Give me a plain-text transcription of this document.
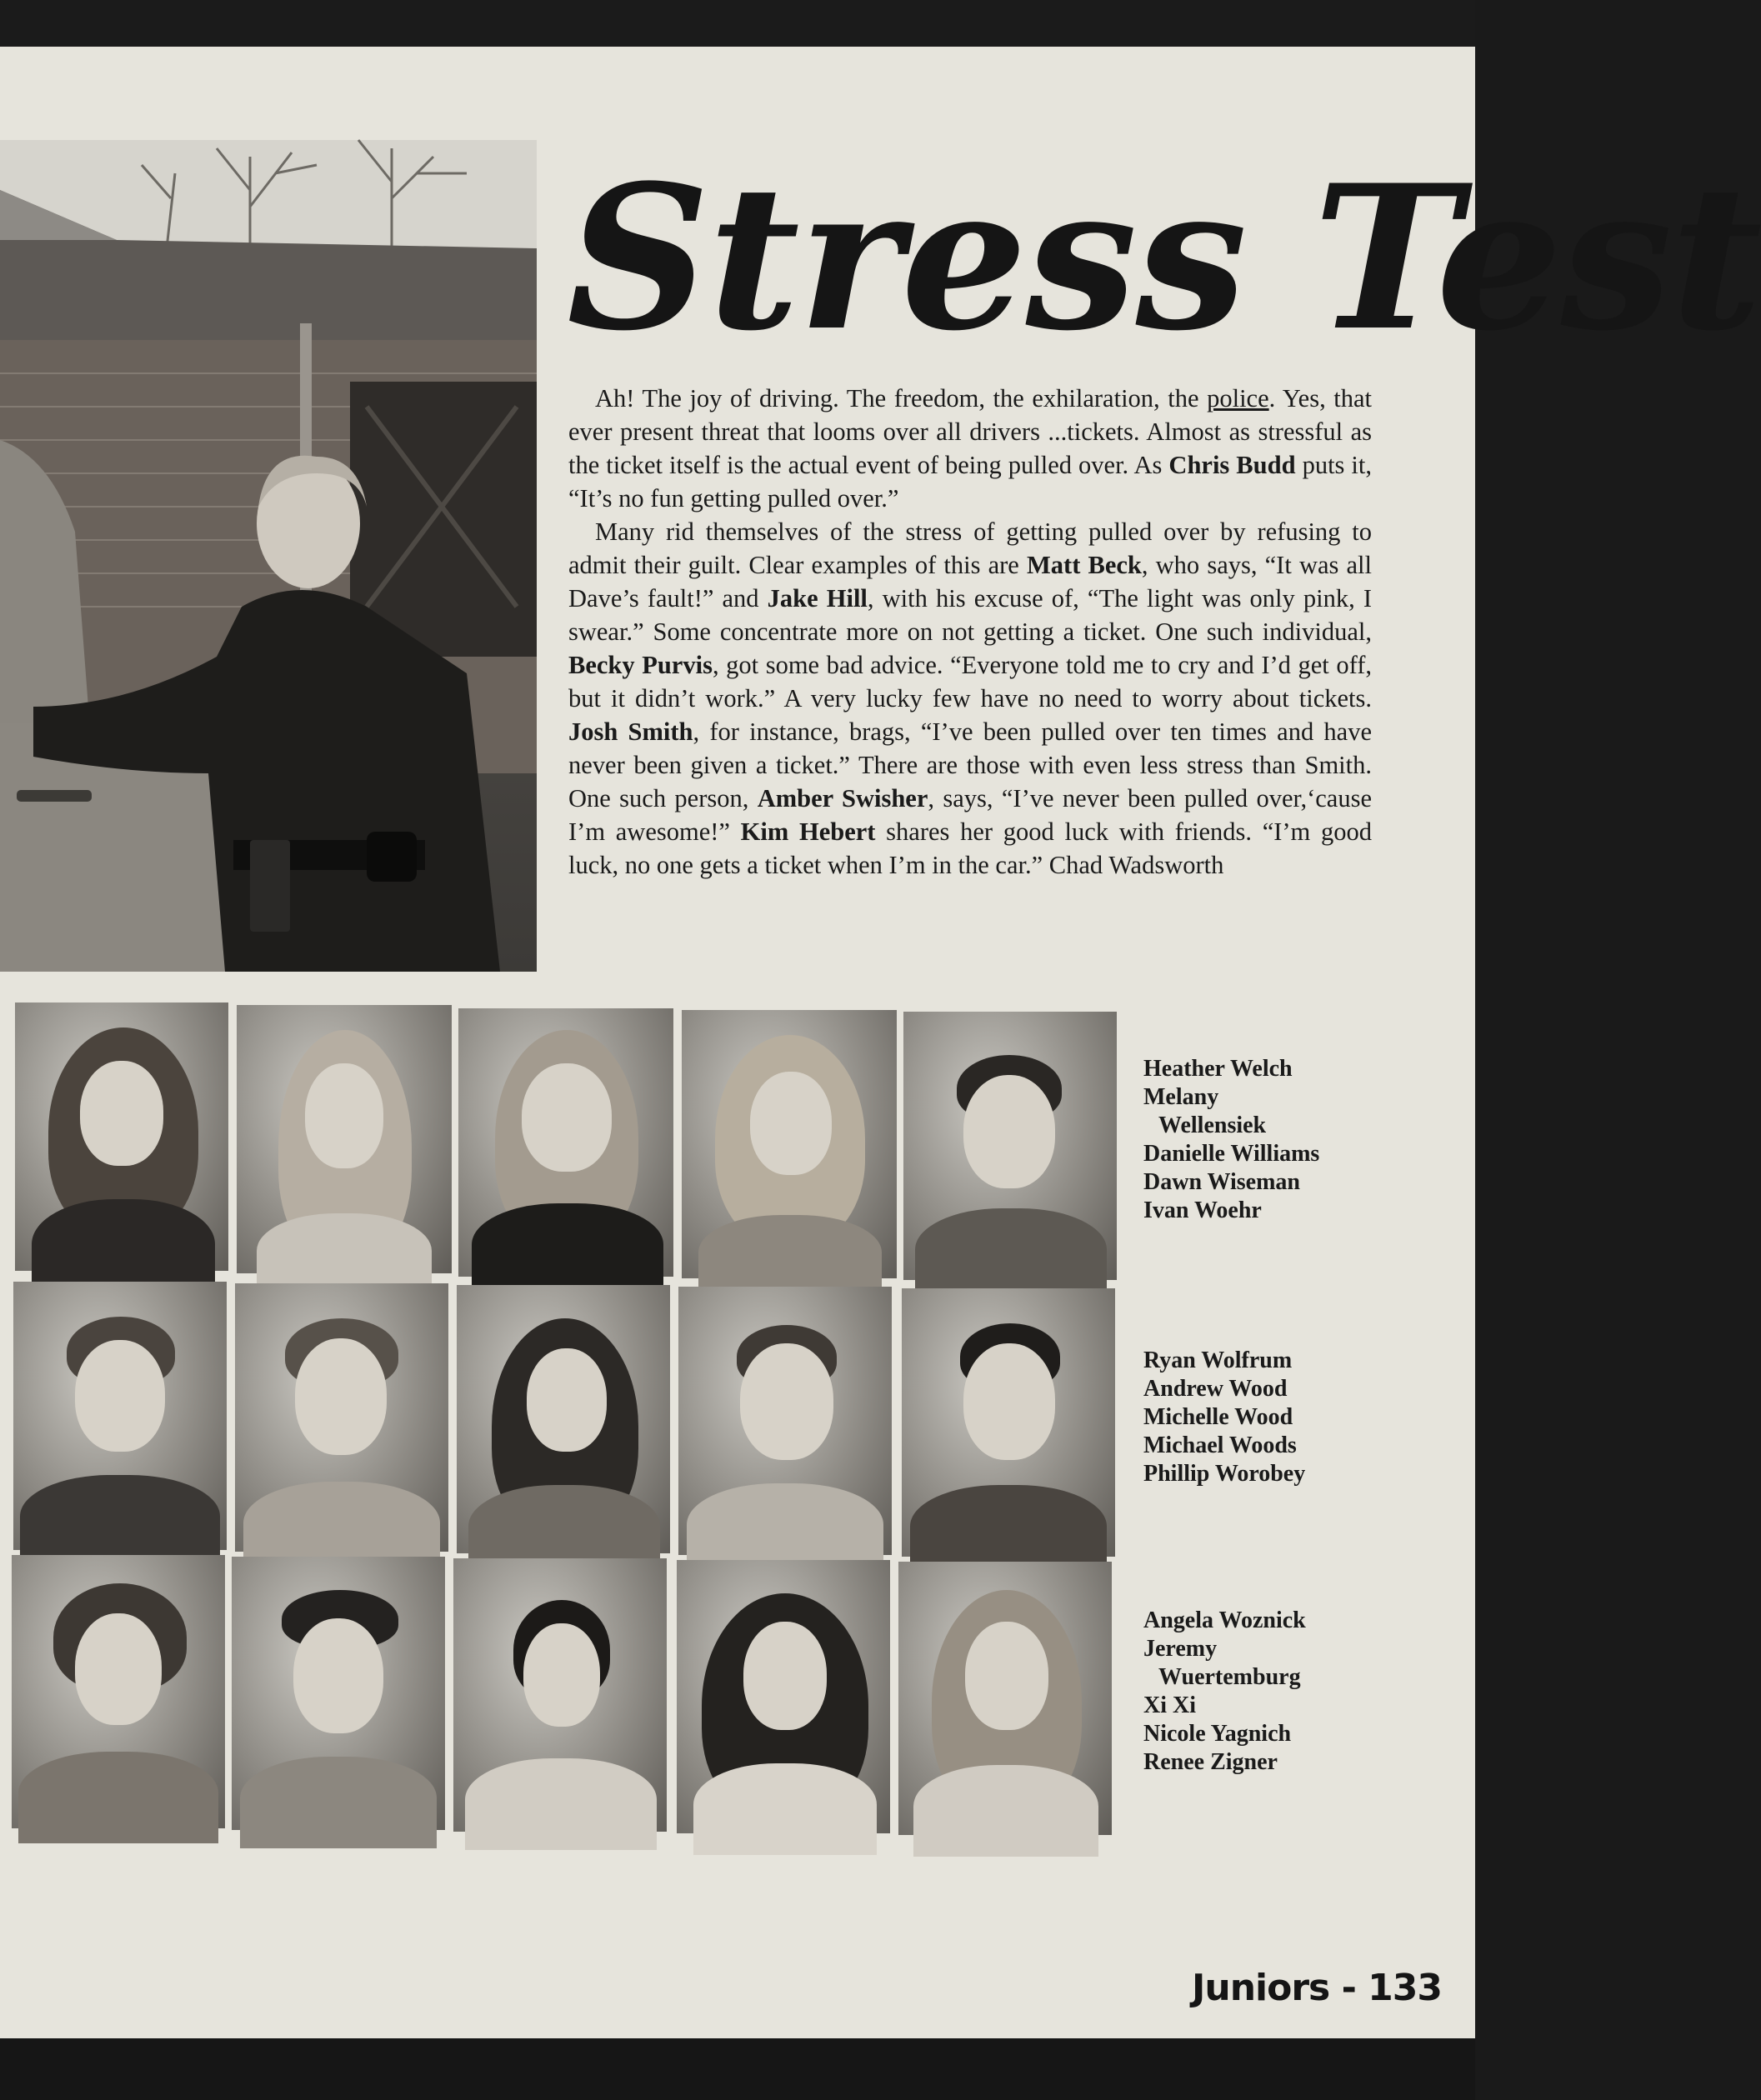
Stress Test

Ah! The joy of driving. The freedom, the exhilaration, the police. Yes, that ever present threat that looms over all drivers ...tickets. Almost as stressful as the ticket itself is the actual event of being pulled over. As Chris Budd puts it, “It’s no fun getting pulled over.”

Many rid themselves of the stress of getting pulled over by refusing to admit their guilt. Clear examples of this are Matt Beck, who says, “It was all Dave’s fault!” and Jake Hill, with his excuse of, “The light was only pink, I swear.” Some concentrate more on not getting a ticket. One such individual, Becky Purvis, got some bad advice. “Everyone told me to cry and I’d get off, but it didn’t work.” A very lucky few have no need to worry about tickets. Josh Smith, for instance, brags, “I’ve been pulled over ten times and have never been given a ticket.” There are those with even less stress than Smith. One such person, Amber Swisher, says, “I’ve never been pulled over,‘cause I’m awesome!” Kim Hebert shares her good luck with friends. “I’m good luck, no one gets a ticket when I’m in the car.” Chad Wadsworth

Heather Welch
Melany
Wellensiek
Danielle Williams
Dawn Wiseman
Ivan Woehr
Ryan Wolfrum
Andrew Wood
Michelle Wood
Michael Woods
Phillip Worobey
Angela Woznick
Jeremy
Wuertemburg
Xi Xi
Nicole Yagnich
Renee Zigner
Juniors - 133
